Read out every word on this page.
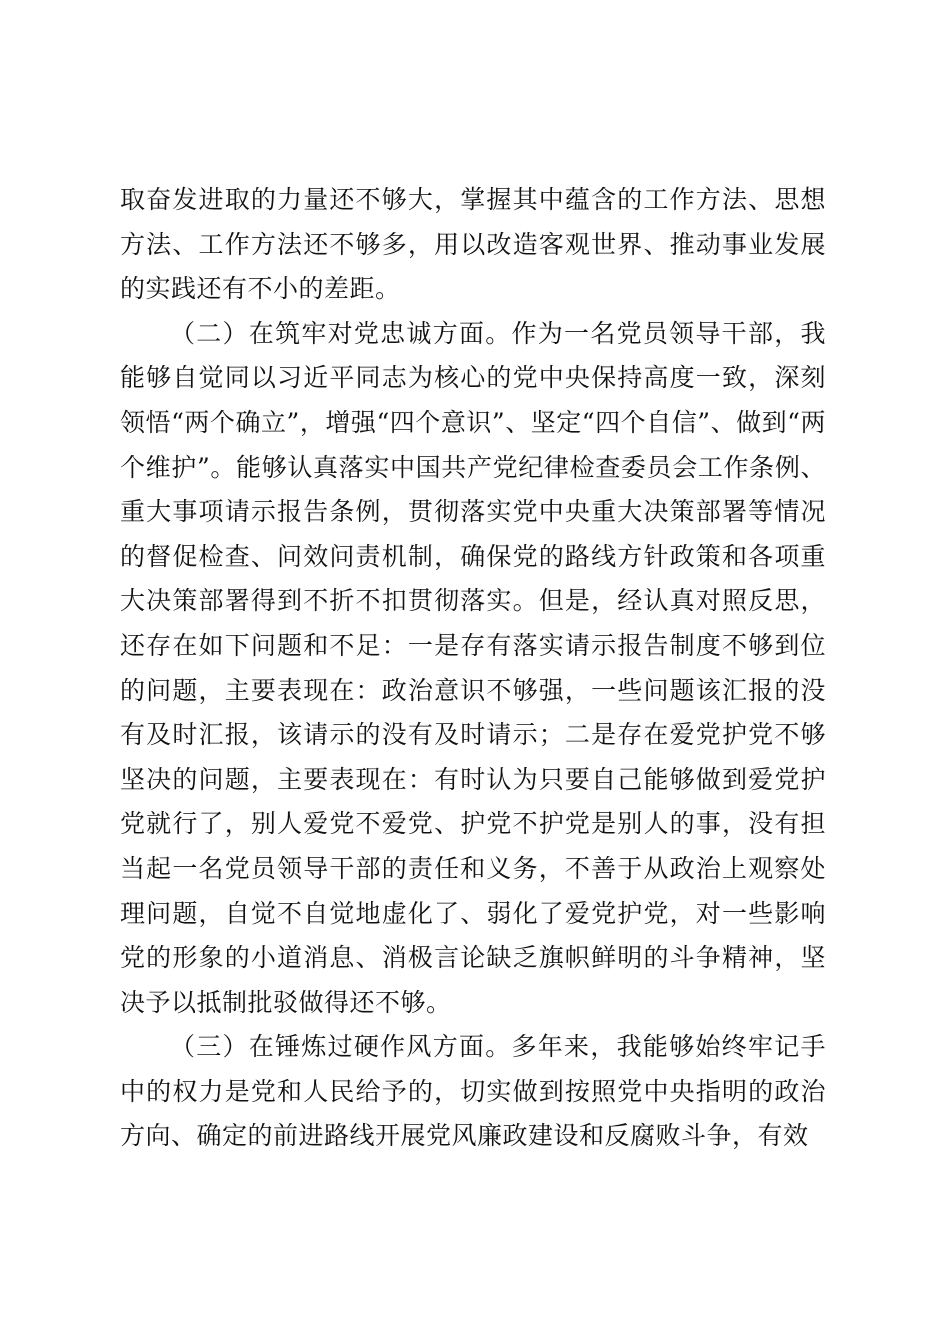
取奋发进取的力量还不够大，掌握其中蕴含的工作方法、思想方法、工作方法还不够多，用以改造客观世界、推动事业发展的实践还有不小的差距。

（二）在筑牢对党忠诚方面。作为一名党员领导干部，我能够自觉同以习近平同志为核心的党中央保持高度一致，深刻领悟“两个确立”，增强“四个意识”、坚定“四个自信”、做到“两个维护”。能够认真落实中国共产党纪律检查委员会工作条例、重大事项请示报告条例，贯彻落实党中央重大决策部署等情况的督促检查、问效问责机制，确保党的路线方针政策和各项重大决策部署得到不折不扣贯彻落实。但是，经认真对照反思，还存在如下问题和不足：一是存有落实请示报告制度不够到位的问题，主要表现在：政治意识不够强，一些问题该汇报的没有及时汇报，该请示的没有及时请示；二是存在爱党护党不够坚决的问题，主要表现在：有时认为只要自己能够做到爱党护党就行了，别人爱党不爱党、护党不护党是别人的事，没有担当起一名党员领导干部的责任和义务，不善于从政治上观察处理问题，自觉不自觉地虚化了、弱化了爱党护党，对一些影响党的形象的小道消息、消极言论缺乏旗帜鲜明的斗争精神，坚决予以抵制批驳做得还不够。

（三）在锤炼过硬作风方面。多年来，我能够始终牢记手中的权力是党和人民给予的，切实做到按照党中央指明的政治方向、确定的前进路线开展党风廉政建设和反腐败斗争，有效
